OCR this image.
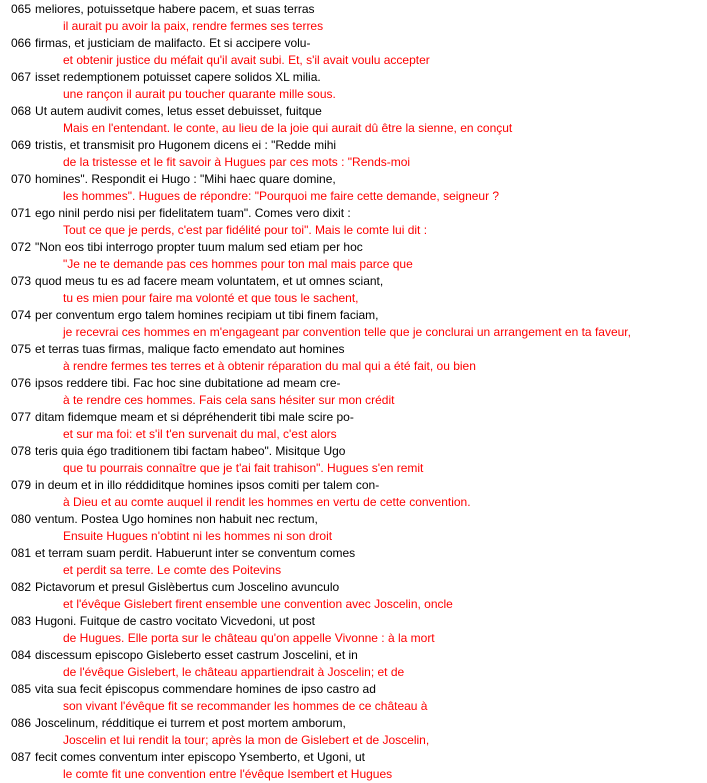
065 meliores, potuissetque habere pacem, et suas terras
il aurait pu avoir la paix, rendre fermes ses terres
066 firmas, et justiciam de malifacto. Et si accipere volu-
et obtenir justice du méfait qu'il avait subi. Et, s'il avait voulu accepter
067 isset redemptionem potuisset capere solidos XL milia.
une rançon il aurait pu toucher quarante mille sous.
068 Ut autem audivit comes, letus esset debuisset, fuitque
Mais en l'entendant. le conte, au lieu de la joie qui aurait dû être la sienne, en conçut
069 tristis, et transmisit pro Hugonem dicens ei : "Redde mihi
de la tristesse et le fit savoir à Hugues par ces mots : "Rends-moi
070 homines". Respondit ei Hugo : "Mihi haec quare domine,
les hommes". Hugues de répondre: "Pourquoi me faire cette demande, seigneur ?
071 ego ninil perdo nisi per fidelitatem tuam". Comes vero dixit :
Tout ce que je perds, c'est par fidélité pour toi". Mais le comte lui dit :
072 "Non eos tibi interrogo propter tuum malum sed etiam per hoc
"Je ne te demande pas ces hommes pour ton mal mais parce que
073 quod meus tu es ad facere meam voluntatem, et ut omnes sciant,
tu es mien pour faire ma volonté et que tous le sachent,
074 per conventum ergo talem homines recipiam ut tibi finem faciam,
je recevrai ces hommes en m'engageant par convention telle que je conclurai un arrangement en ta faveur,
075 et terras tuas firmas, malique facto emendato aut homines
à rendre fermes tes terres et à obtenir réparation du mal qui a été fait, ou bien
076 ipsos reddere tibi. Fac hoc sine dubitatione ad meam cre-
à te rendre ces hommes. Fais cela sans hésiter sur mon crédit
077 ditam fidemque meam et si dépréhenderit tibi male scire po-
et sur ma foi: et s'il t'en survenait du mal, c'est alors
078 teris quia égo traditionem tibi factam habeo". Misitque Ugo
que tu pourrais connaître que je t'ai fait trahison". Hugues s'en remit
079 in deum et in illo réddiditque homines ipsos comiti per talem con-
à Dieu et au comte auquel il rendit les hommes en vertu de cette convention.
080 ventum. Postea Ugo homines non habuit nec rectum,
Ensuite Hugues n'obtint ni les hommes ni son droit
081 et terram suam perdit. Habuerunt inter se conventum comes
et perdit sa terre. Le comte des Poitevins
082 Pictavorum et presul Gislèbertus cum Joscelino avunculo
et l'évêque Gislebert firent ensemble une convention avec Joscelin, oncle
083 Hugoni. Fuitque de castro vocitato Vicvedoni, ut post
de Hugues. Elle porta sur le château qu'on appelle Vivonne : à la mort
084 discessum episcopo Gisleberto esset castrum Joscelini, et in
de l'évêque Gislebert, le château appartiendrait à Joscelin; et de
085 vita sua fecit épiscopus commendare homines de ipso castro ad
son vivant l'évêque fit se recommander les hommes de ce château à
086 Joscelinum, rédditique ei turrem et post mortem amborum,
Joscelin et lui rendit la tour; après la mon de Gislebert et de Joscelin,
087 fecit comes conventum inter episcopo Ysemberto, et Ugoni, ut
le comte fit une convention entre l'évêque Isembert et Hugues
